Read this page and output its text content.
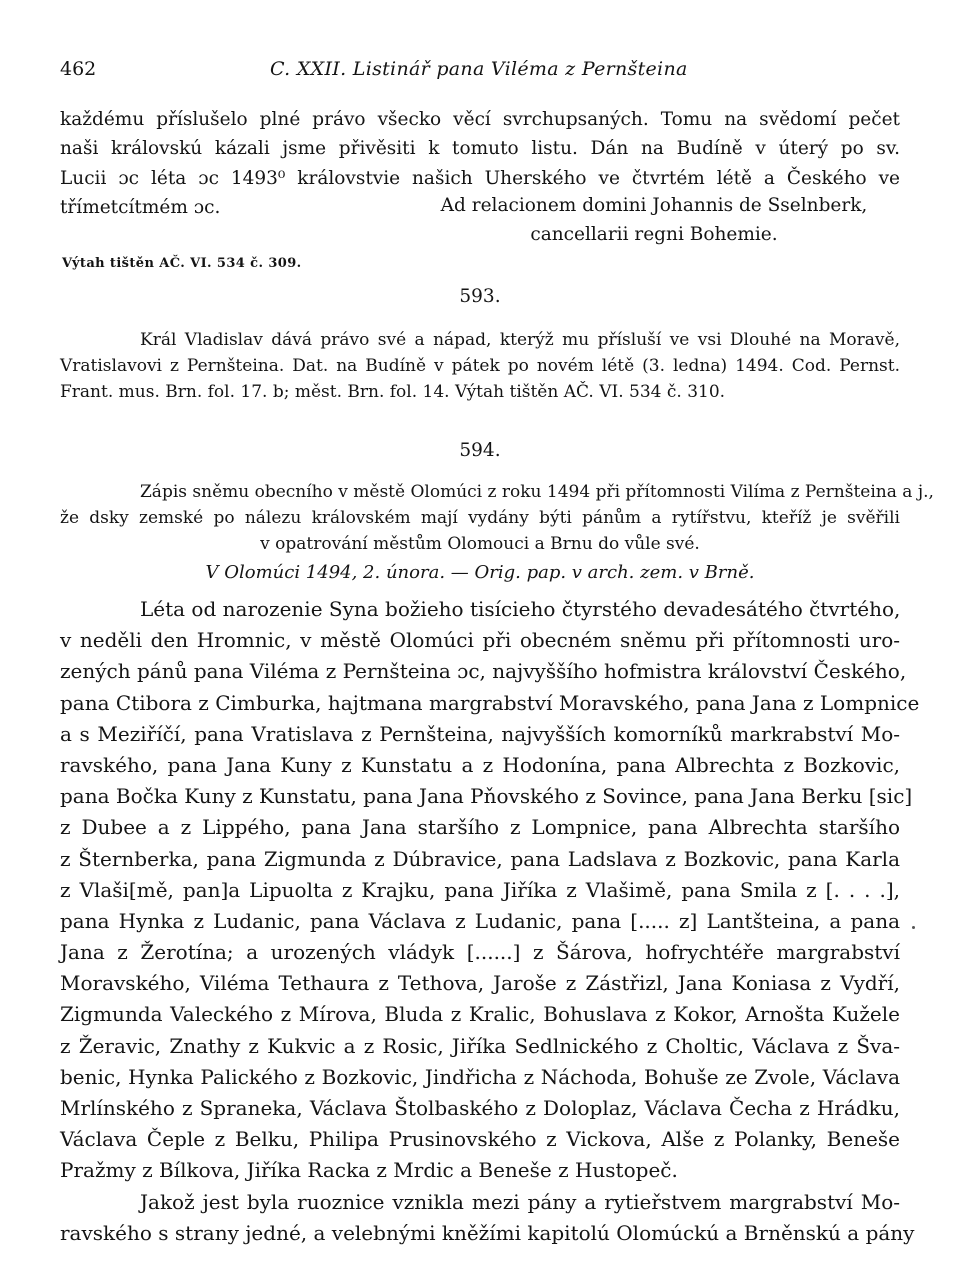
462	C. XXII. Listinář pana Viléma z Pernšteina
každému příslušelo plné právo všecko věcí svrchupsaných. Tomu na svědomí pečet
naši královskú kázali jsme přivěsiti k tomuto listu. Dán na Budíně v úterý po sv.
Lucii ɔc léta ɔc 1493⁰ královstvie našich Uherského ve čtvrtém létě a Českého ve
třímetcítmém ɔc.	Ad relacionem domini Johannis de Sselnberk,
cancellarii regni Bohemie.
Výtah tištěn AČ. VI. 534 č. 309.
593.
Král Vladislav dává právo své a nápad, kterýž mu přísluší ve vsi Dlouhé na Moravě,
Vratislavovi z Pernšteina. Dat. na Budíně v pátek po novém létě (3. ledna) 1494. Cod. Pernst.
Frant. mus. Brn. fol. 17. b; měst. Brn. fol. 14. Výtah tištěn AČ. VI. 534 č. 310.
594.
Zápis sněmu obecního v městě Olomúci z roku 1494 při přítomnosti Vilíma z Pernšteina a j.,
že dsky zemské po nálezu královském mají vydány býti pánům a rytířstvu, kteříž je svěřili
v opatrování městům Olomouci a Brnu do vůle své.
V Olomúci 1494, 2. února. — Orig. pap. v arch. zem. v Brně.
Léta od narozenie Syna božieho tisícieho čtyrstého devadesátého čtvrtého,
v neděli den Hromnic, v městě Olomúci při obecném sněmu při přítomnosti uro-
zených pánů pana Viléma z Pernšteina ɔc, najvyššího hofmistra království Českého,
pana Ctibora z Cimburka, hajtmana margrabství Moravského, pana Jana z Lompnice
a s Meziříčí, pana Vratislava z Pernšteina, najvyšších komorníků markrabství Mo-
ravského, pana Jana Kuny z Kunstatu a z Hodonína, pana Albrechta z Bozkovic,
pana Bočka Kuny z Kunstatu, pana Jana Pňovského z Sovince, pana Jana Berku [sic]
z Dubee a z Lippého, pana Jana staršího z Lompnice, pana Albrechta staršího
z Šternberka, pana Zigmunda z Dúbravice, pana Ladslava z Bozkovic, pana Karla
z Vlaši[mě, pan]a Lipuolta z Krajku, pana Jiříka z Vlašimě, pana Smila z [. . . .],
pana Hynka z Ludanic, pana Václava z Ludanic, pana [..... z] Lantšteina, a pana
Jana z Žerotína; a urozených vládyk [......] z Šárova, hofrychtéře margrabství
Moravského, Viléma Tethaura z Tethova, Jaroše z Zástřizl, Jana Koniasa z Vydří,
Zigmunda Valeckého z Mírova, Bluda z Kralic, Bohuslava z Kokor, Arnošta Kužele
z Žeravic, Znathy z Kukvic a z Rosic, Jiříka Sedlnického z Choltic, Václava z Šva-
benic, Hynka Palického z Bozkovic, Jindřicha z Náchoda, Bohuše ze Zvole, Václava
Mrlínského z Spraneka, Václava Štolbaského z Doloplaz, Václava Čecha z Hrádku,
Václava Čeple z Belku, Philipa Prusinovského z Vickova, Alše z Polanky, Beneše
Pražmy z Bílkova, Jiříka Racka z Mrdic a Beneše z Hustopeč.
Jakož jest byla ruoznice vznikla mezi pány a rytieřstvem margrabství Mo-
ravského s strany jedné, a velebnými kněžími kapitolú Olomúckú a Brněnskú a pány
